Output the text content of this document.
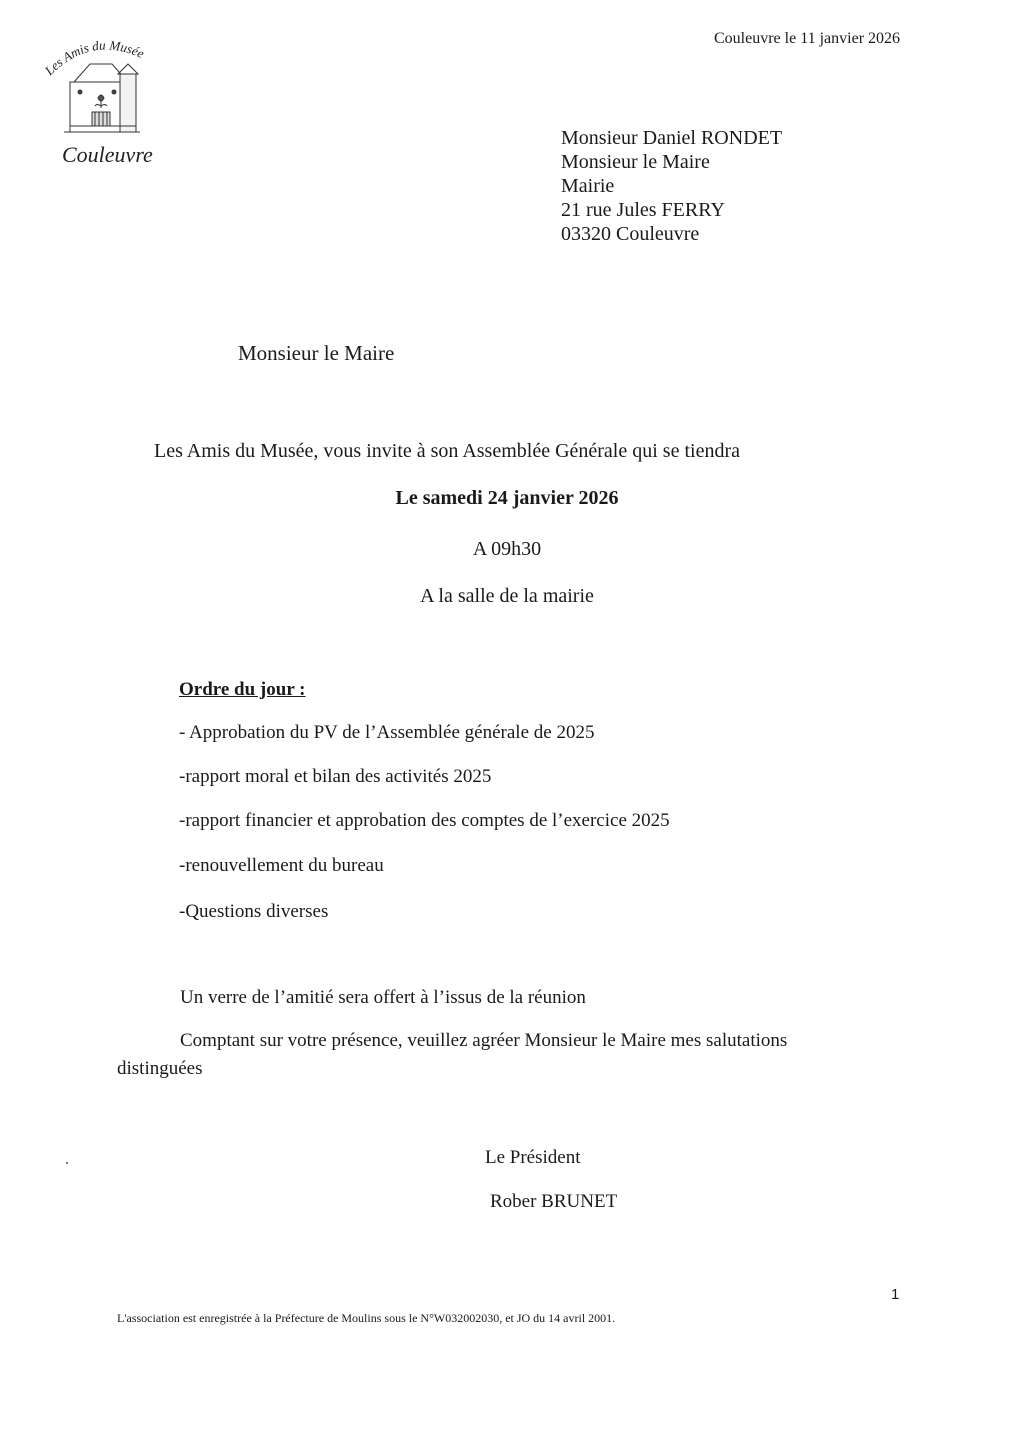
Les Amis du Musée
Couleuvre
Couleuvre le 11 janvier 2026
Monsieur Daniel RONDET
Monsieur le Maire
Mairie
21 rue Jules FERRY
03320 Couleuvre
Monsieur le Maire
Les Amis du Musée, vous invite à son Assemblée Générale qui se tiendra
Le samedi 24 janvier 2026
A 09h30
A la salle de la mairie
Ordre du jour :
- Approbation du PV de l’Assemblée générale de 2025
-rapport moral et bilan des activités 2025
-rapport financier et approbation des comptes de l’exercice 2025
-renouvellement du bureau
-Questions diverses
Un verre de l’amitié sera offert à l’issus de la réunion
Comptant sur votre présence, veuillez agréer Monsieur le Maire mes salutations
distinguées
Le Président
Rober BRUNET
1
L'association est enregistrée à la Préfecture de Moulins sous le N°W032002030, et JO du 14 avril 2001.
